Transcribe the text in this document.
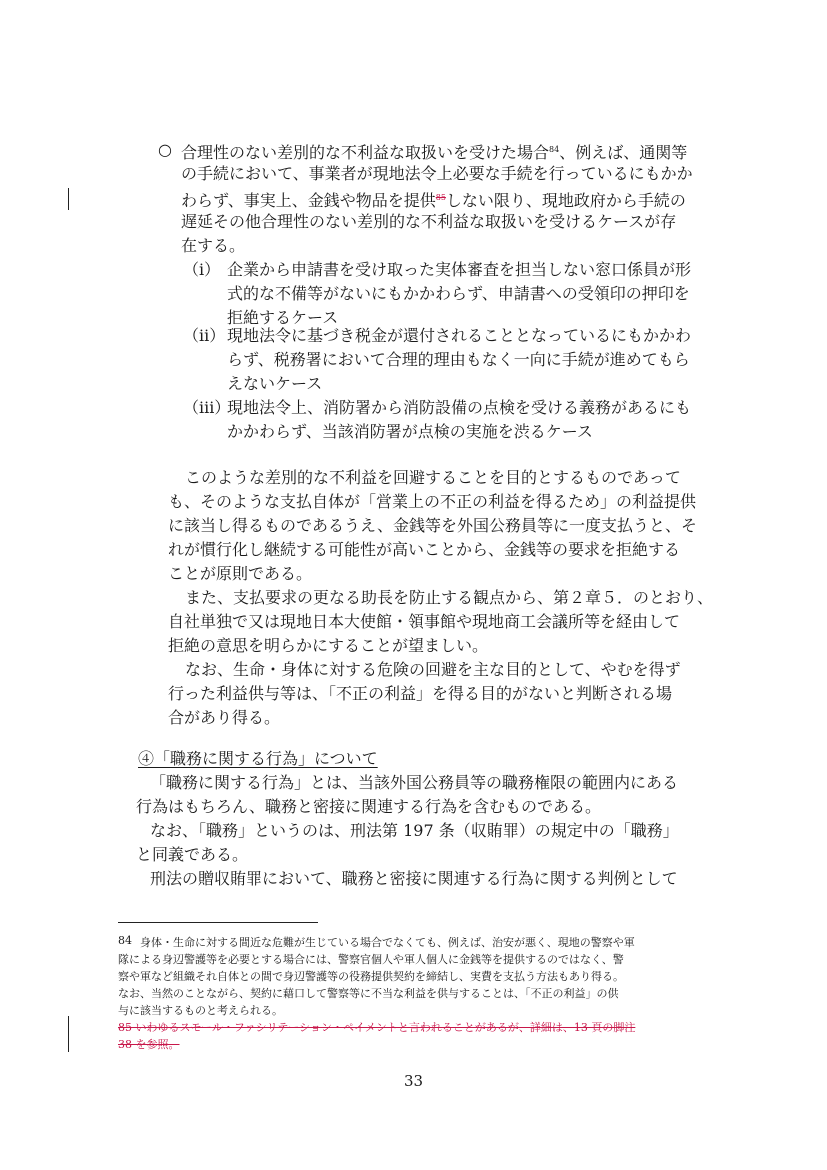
○ 合理性のない差別的な不利益な取扱いを受けた場合$^{84}$、例えば、通関等
の手続において、事業者が現地法令上必要な手続を行っているにもかか
わらず、事実上、金銭や物品を提供$^{85}$しない限り、現地政府から手続の
遅延その他合理性のない差別的な不利益な取扱いを受けるケースが存
在する。
（ⅰ） 企業から申請書を受け取った実体審査を担当しない窓口係員が形
式的な不備等がないにもかかわらず、申請書への受領印の押印を
拒絶するケース
（ⅱ） 現地法令に基づき税金が還付されることとなっているにもかかわ
らず、税務署において合理的理由もなく一向に手続が進めてもら
えないケース
（ⅲ）
現地法令上、消防署から消防設備の点検を受ける義務があるにも
かかわらず、当該消防署が点検の実施を渋るケース
このような差別的な不利益を回避することを目的とするものであって
も、そのような支払自体が「営業上の不正の利益を得るため」の利益提供
に該当し得るものであるうえ、金銭等を外国公務員等に一度支払うと、そ
れが慣行化し継続する可能性が高いことから、金銭等の要求を拒絶する
ことが原則である。
また、支払要求の更なる助長を防止する観点から、第２章５．のとおり、
自社単独で又は現地日本大使館・領事館や現地商工会議所等を経由して
拒絶の意思を明らかにすることが望ましい。
なお、生命・身体に対する危険の回避を主な目的として、やむを得ず
行った利益供与等は、「不正の利益」を得る目的がないと判断される場
合があり得る。
④「職務に関する行為」について
「職務に関する行為」とは、当該外国公務員等の職務権限の範囲内にある
行為はもちろん、職務と密接に関連する行為を含むものである。
なお、「職務」というのは、刑法第 197 条（収賄罪）の規定中の「職務」
と同義である。
刑法の贈収賄罪において、職務と密接に関連する行為に関する判例として
84 身体・生命に対する間近な危難が生じている場合でなくても、例えば、治安が悪く、現地の警察や軍
隊による身辺警護等を必要とする場合には、警察官個人や軍人個人に金銭等を提供するのではなく、警
察や軍など組織それ自体との間で身辺警護等の役務提供契約を締結し、実費を支払う方法もあり得る。
なお、当然のことながら、契約に藉口して警察等に不当な利益を供与することは、「不正の利益」の供
与に該当するものと考えられる。
85 いわゆるスモール・ファシリテーション・ペイメントと言われることがあるが、詳細は、13 頁の脚注
38 を参照。
33
